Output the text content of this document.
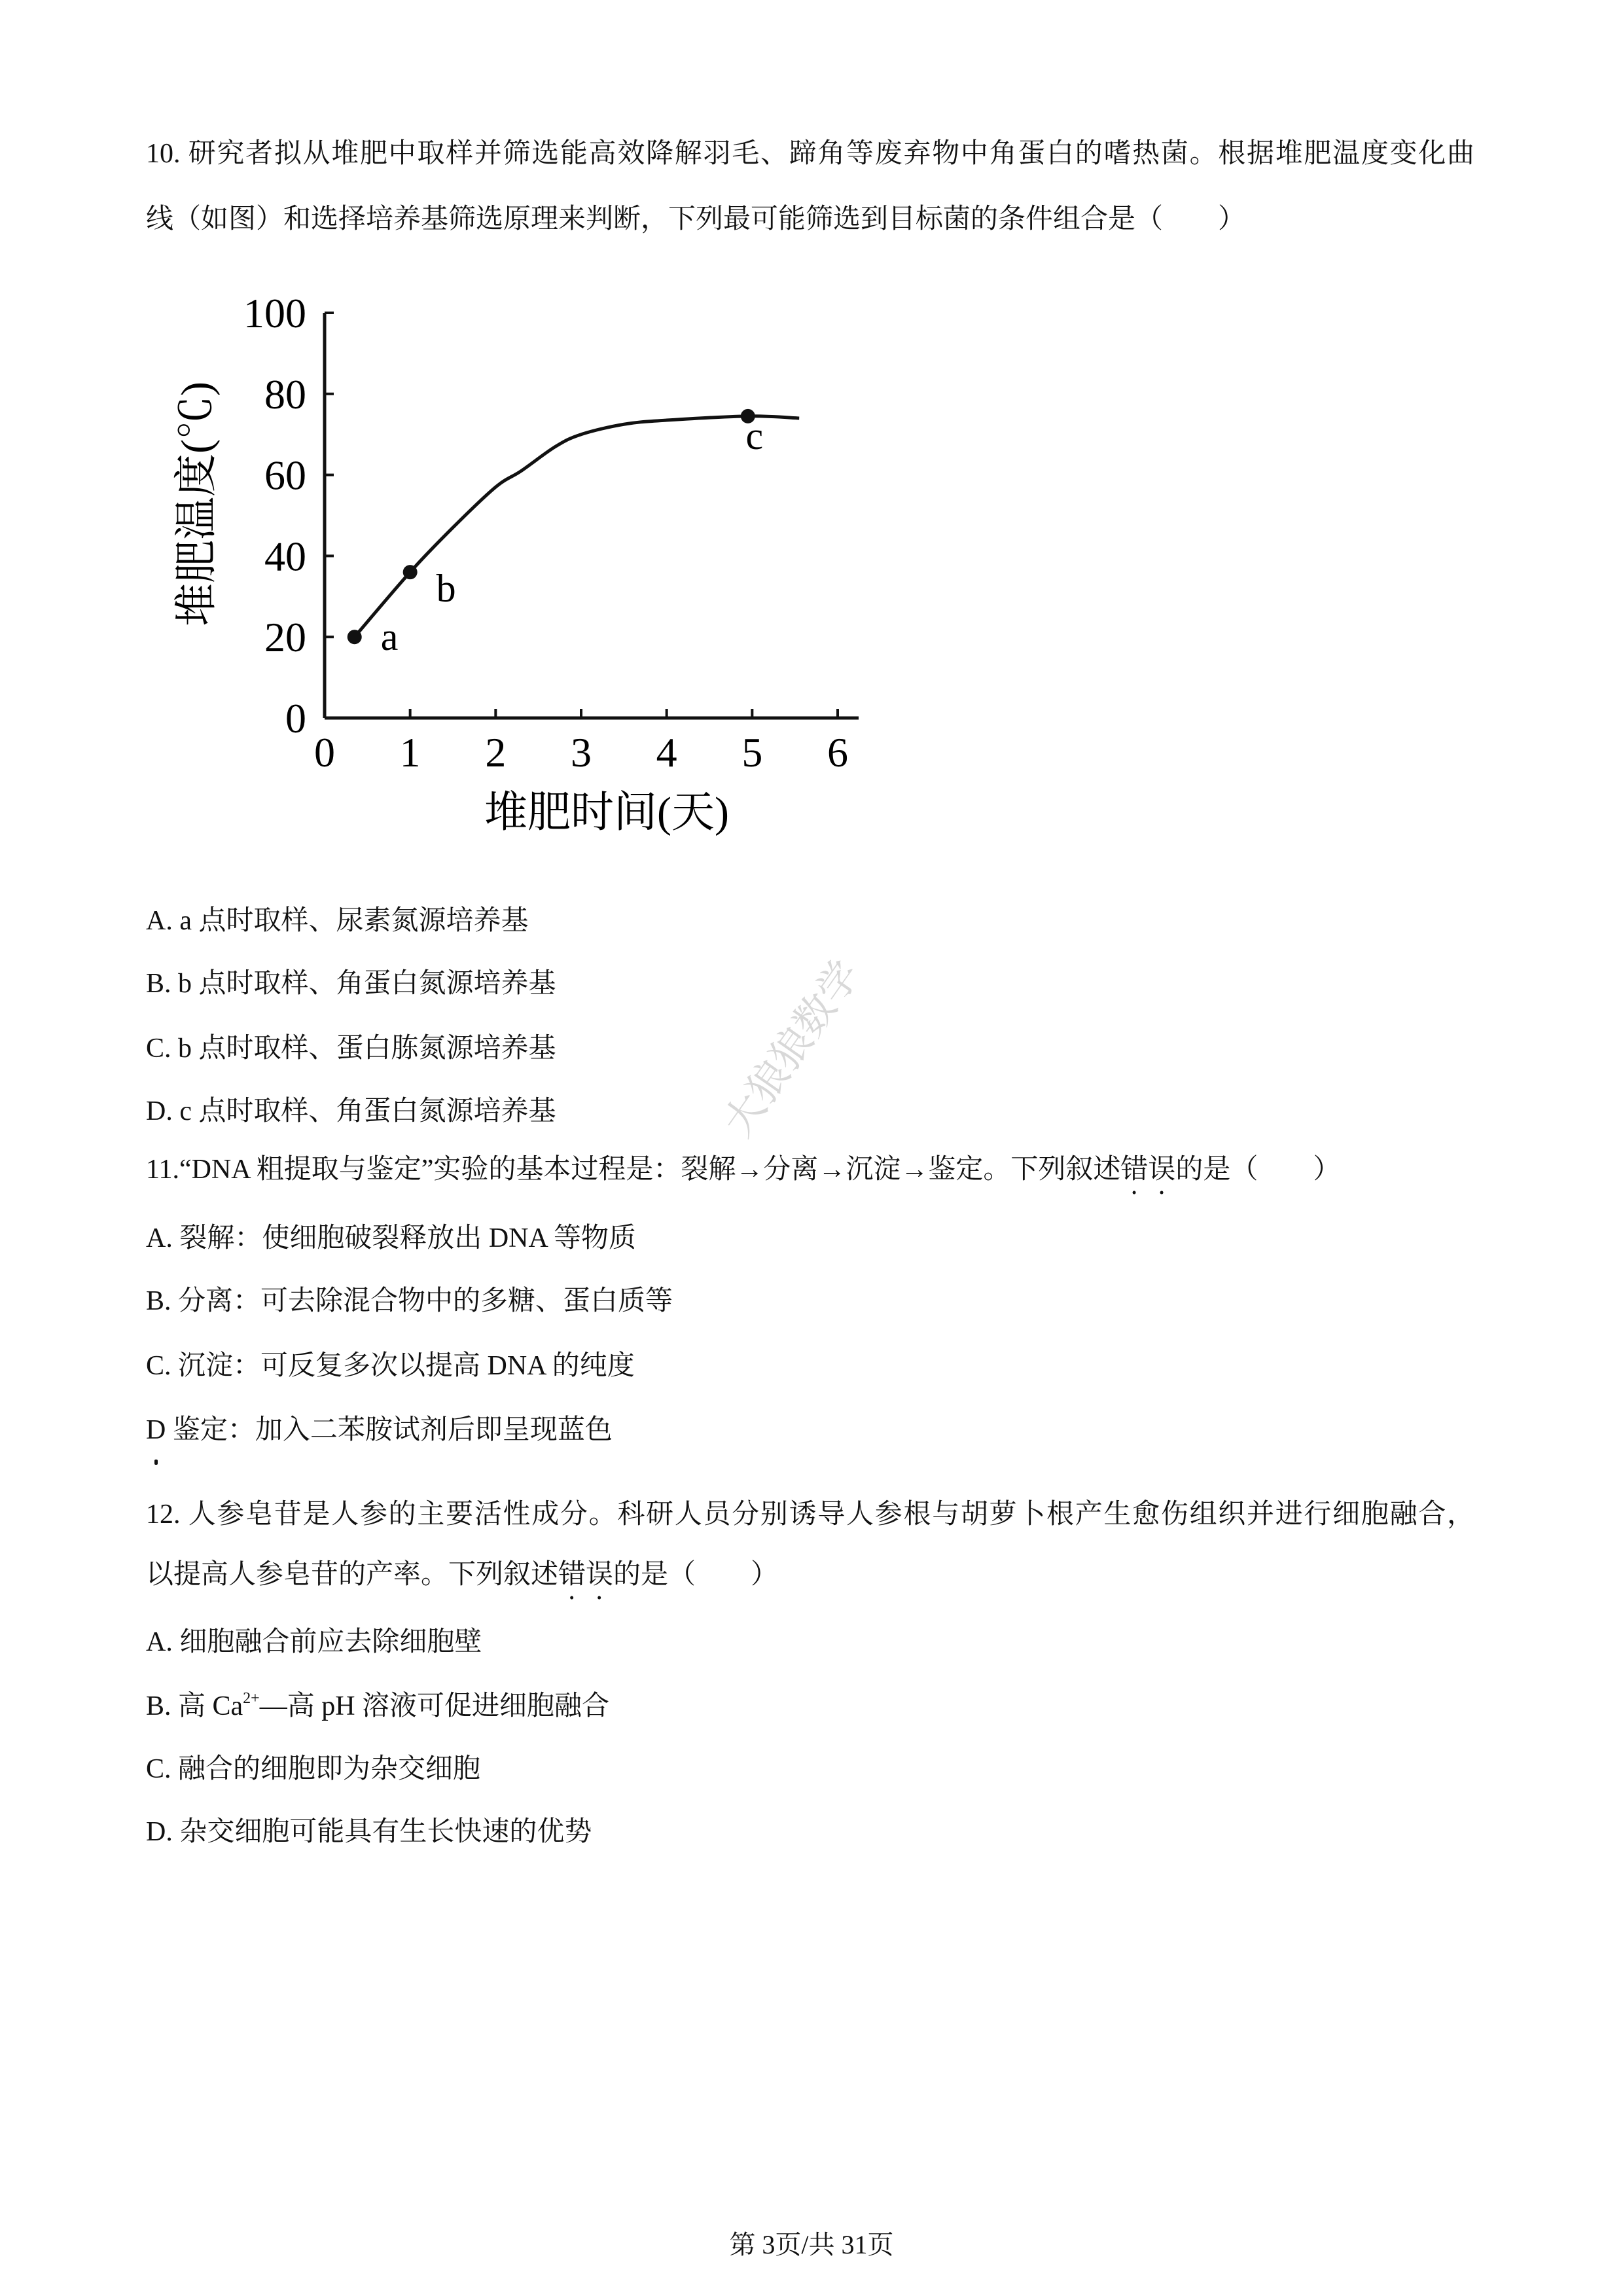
10. 研究者拟从堆肥中取样并筛选能高效降解羽毛、蹄角等废弃物中角蛋白的嗜热菌。根据堆肥温度变化曲
线（如图）和选择培养基筛选原理来判断，下列最可能筛选到目标菌的条件组合是（　　）
0 1 2 3 4 5 6
0
20
40
60
80
100
a
b
c
堆肥温度(℃)
堆肥时间(天)
A. a 点时取样、尿素氮源培养基
B. b 点时取样、角蛋白氮源培养基
C. b 点时取样、蛋白胨氮源培养基
D. c 点时取样、角蛋白氮源培养基
11.“DNA 粗提取与鉴定”实验的基本过程是：裂解→分离→沉淀→鉴定。下列叙述错误的是（　　）
A. 裂解：使细胞破裂释放出 DNA 等物质
B. 分离：可去除混合物中的多糖、蛋白质等
C. 沉淀：可反复多次以提高 DNA 的纯度
D 鉴定：加入二苯胺试剂后即呈现蓝色
大狼狼数学
12. 人参皂苷是人参的主要活性成分。科研人员分别诱导人参根与胡萝卜根产生愈伤组织并进行细胞融合，
以提高人参皂苷的产率。下列叙述错误的是（　　）
A. 细胞融合前应去除细胞壁
B. 高 $Ca^{2+}—$高 pH 溶液可促进细胞融合
C. 融合的细胞即为杂交细胞
D. 杂交细胞可能具有生长快速的优势
第 3页/共 31页
